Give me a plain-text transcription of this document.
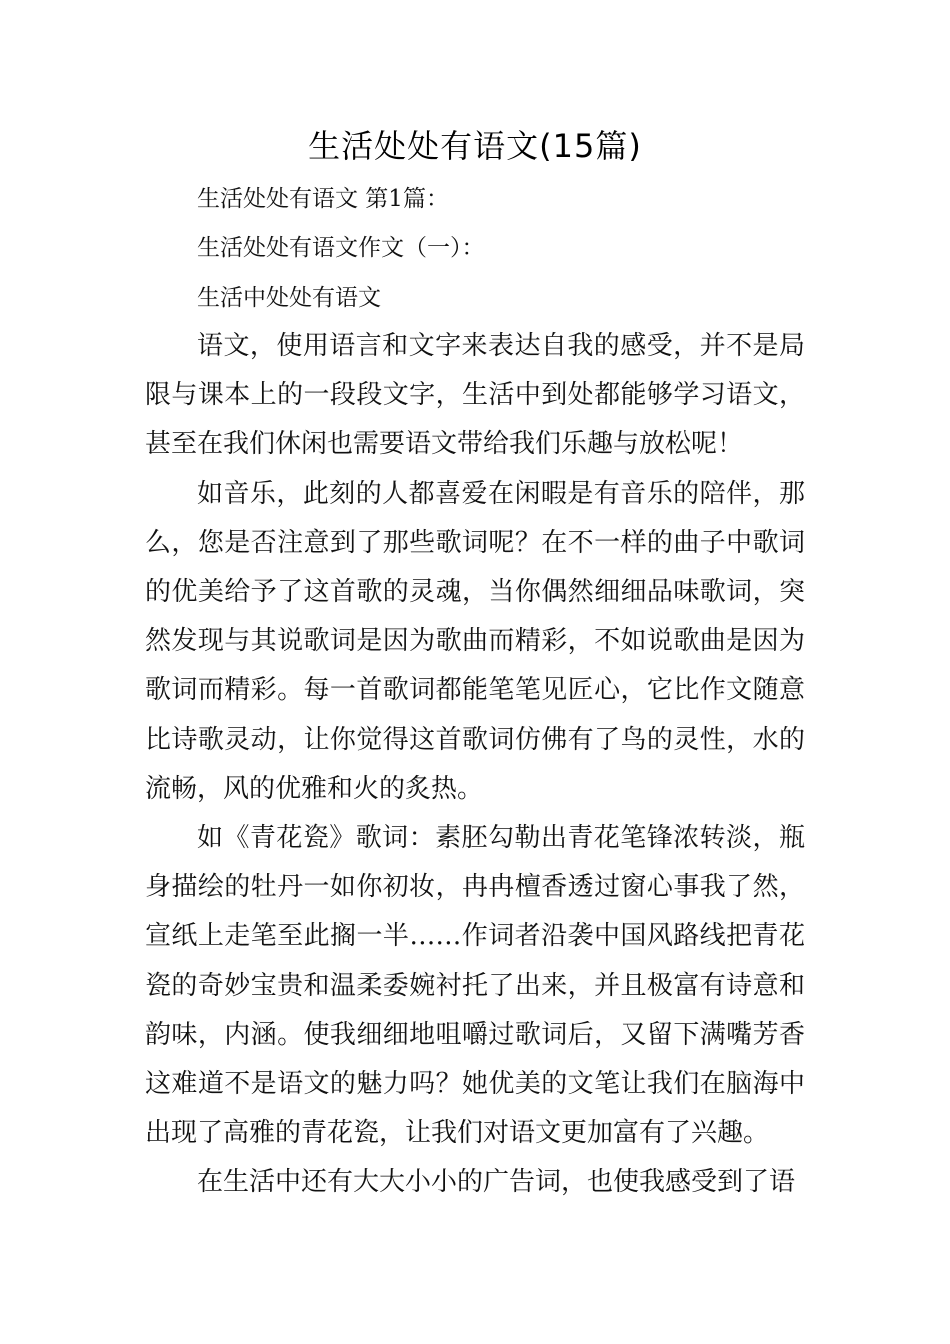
生活处处有语文(15篇)
生活处处有语文 第1篇：
生活处处有语文作文（一）：
生活中处处有语文

语文，使用语言和文字来表达自我的感受，并不是局限与课本上的一段段文字，生活中到处都能够学习语文，甚至在我们休闲也需要语文带给我们乐趣与放松呢！

如音乐，此刻的人都喜爱在闲暇是有音乐的陪伴，那么，您是否注意到了那些歌词呢？在不一样的曲子中歌词的优美给予了这首歌的灵魂，当你偶然细细品味歌词，突然发现与其说歌词是因为歌曲而精彩，不如说歌曲是因为歌词而精彩。每一首歌词都能笔笔见匠心，它比作文随意比诗歌灵动，让你觉得这首歌词仿佛有了鸟的灵性，水的流畅，风的优雅和火的炙热。

如《青花瓷》歌词：素胚勾勒出青花笔锋浓转淡，瓶身描绘的牡丹一如你初妆，冉冉檀香透过窗心事我了然，宣纸上走笔至此搁一半……作词者沿袭中国风路线把青花瓷的奇妙宝贵和温柔委婉衬托了出来，并且极富有诗意和韵味，内涵。使我细细地咀嚼过歌词后，又留下满嘴芳香这难道不是语文的魅力吗？她优美的文笔让我们在脑海中出现了高雅的青花瓷，让我们对语文更加富有了兴趣。

在生活中还有大大小小的广告词，也使我感受到了语
